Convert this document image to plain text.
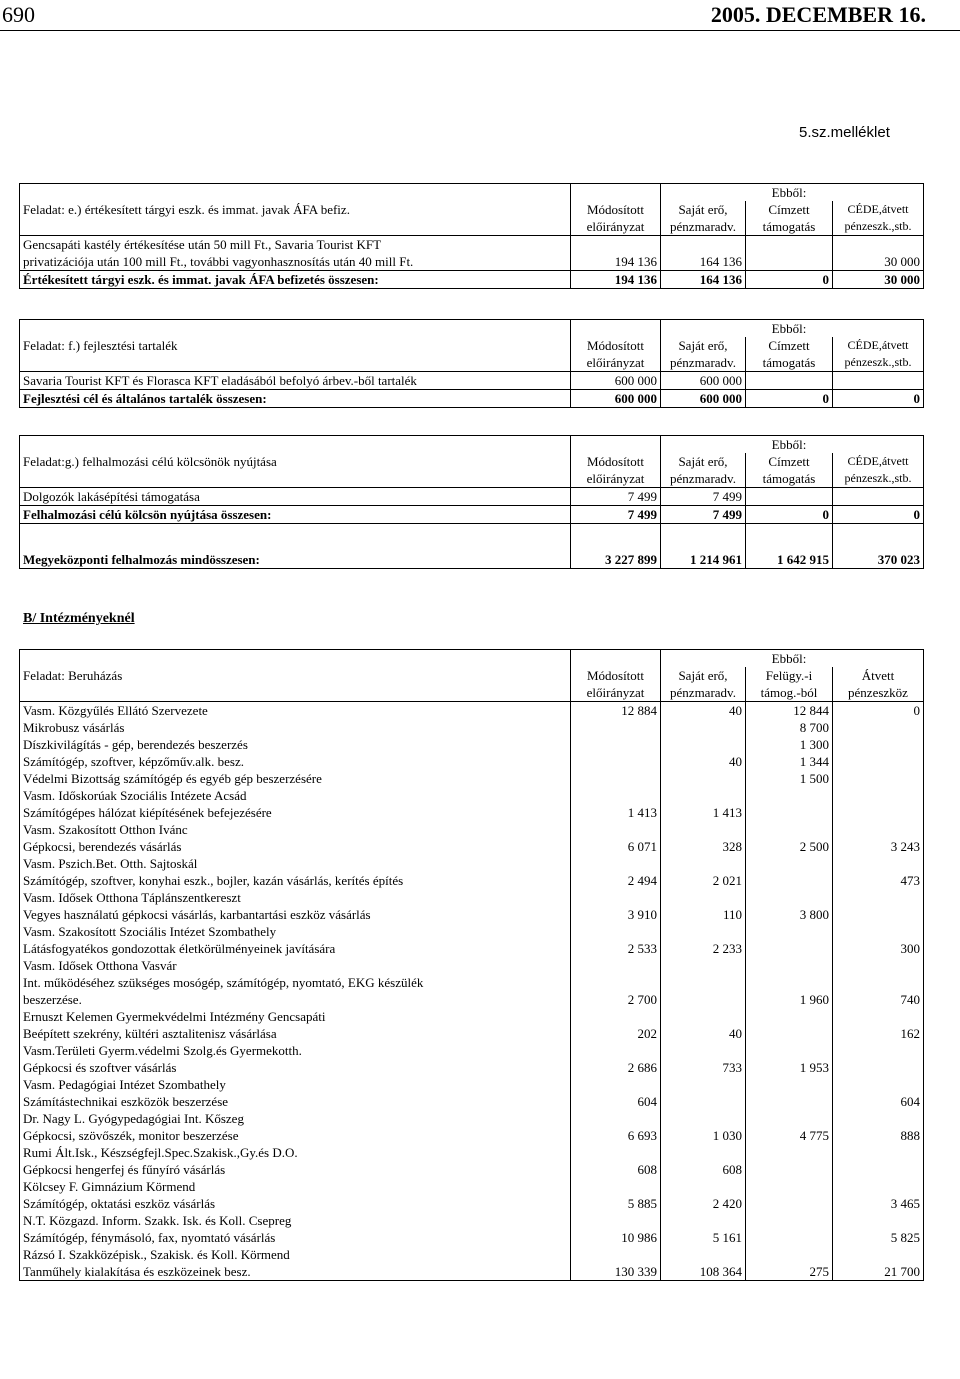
690	2005. DECEMBER 16.
5.sz.melléklet
			Ebből:	
Feladat: e.) értékesített tárgyi eszk. és immat. javak ÁFA befiz.	Módosított	Saját erő,	Címzett	CÉDE,átvett
	előirányzat	pénzmaradv.	támogatás	pénzeszk.,stb.
Gencsapáti kastély értékesítése után 50 mill Ft., Savaria Tourist KFT				
privatizációja után 100 mill Ft., további vagyonhasznosítás után 40 mill Ft.	194 136	164 136		30 000
Értékesített tárgyi eszk. és immat. javak ÁFA befizetés összesen:	194 136	164 136	0	30 000
			Ebből:	
Feladat: f.) fejlesztési tartalék	Módosított	Saját erő,	Címzett	CÉDE,átvett
	előirányzat	pénzmaradv.	támogatás	pénzeszk.,stb.
Savaria Tourist KFT és Florasca KFT eladásából befolyó árbev.-ből tartalék	600 000	600 000		
Fejlesztési cél és általános tartalék összesen:	600 000	600 000	0	0
			Ebből:	
Feladat:g.) felhalmozási célú kölcsönök nyújtása	Módosított	Saját erő,	Címzett	CÉDE,átvett
	előirányzat	pénzmaradv.	támogatás	pénzeszk.,stb.
Dolgozók lakásépítési támogatása	7 499	7 499		
Felhalmozási célú kölcsön nyújtása összesen:	7 499	7 499	0	0

Megyeközponti felhalmozás mindösszesen:	3 227 899	1 214 961	1 642 915	370 023
B/ Intézményeknél
			Ebből:	
Feladat: Beruházás	Módosított	Saját erő,	Felügy.-i	Átvett
	előirányzat	pénzmaradv.	támog.-ból	pénzeszköz
Vasm. Közgyűlés Ellátó Szervezete	12 884	40	12 844	0
Mikrobusz vásárlás			8 700	
Díszkivilágítás - gép, berendezés beszerzés			1 300	
Számítógép, szoftver, képzőműv.alk. besz.		40	1 344	
Védelmi Bizottság számítógép és egyéb gép beszerzésére			1 500	
Vasm. Időskorúak Szociális Intézete Acsád				
Számítógépes hálózat kiépítésének befejezésére	1 413	1 413		
Vasm. Szakosított Otthon Ivánc				
Gépkocsi, berendezés vásárlás	6 071	328	2 500	3 243
Vasm. Pszich.Bet. Otth. Sajtoskál				
Számítógép, szoftver, konyhai eszk., bojler, kazán vásárlás, kerítés építés	2 494	2 021		473
Vasm. Idősek Otthona Táplánszentkereszt				
Vegyes használatú gépkocsi vásárlás, karbantartási eszköz vásárlás	3 910	110	3 800	
Vasm. Szakosított Szociális Intézet Szombathely				
Látásfogyatékos gondozottak életkörülményeinek javítására	2 533	2 233		300
Vasm. Idősek Otthona Vasvár				
Int. működéséhez szükséges mosógép, számítógép, nyomtató, EKG készülék				
beszerzése.	2 700		1 960	740
Ernuszt Kelemen Gyermekvédelmi Intézmény Gencsapáti				
Beépített szekrény, kültéri asztalitenisz vásárlása	202	40		162
Vasm.Területi Gyerm.védelmi Szolg.és Gyermekotth.				
Gépkocsi és szoftver vásárlás	2 686	733	1 953	
Vasm. Pedagógiai Intézet Szombathely				
Számítástechnikai eszközök beszerzése	604			604
Dr. Nagy L. Gyógypedagógiai Int. Kőszeg				
Gépkocsi, szövőszék, monitor beszerzése	6 693	1 030	4 775	888
Rumi Ált.Isk., Készségfejl.Spec.Szakisk.,Gy.és D.O.				
Gépkocsi hengerfej és fűnyíró vásárlás	608	608		
Kölcsey F. Gimnázium Körmend				
Számítógép, oktatási eszköz vásárlás	5 885	2 420		3 465
N.T. Közgazd. Inform. Szakk. Isk. és Koll. Csepreg				
Számítógép, fénymásoló, fax, nyomtató vásárlás	10 986	5 161		5 825
Rázsó I. Szakközépisk., Szakisk. és Koll. Körmend				
Tanműhely kialakítása és eszközeinek besz.	130 339	108 364	275	21 700
